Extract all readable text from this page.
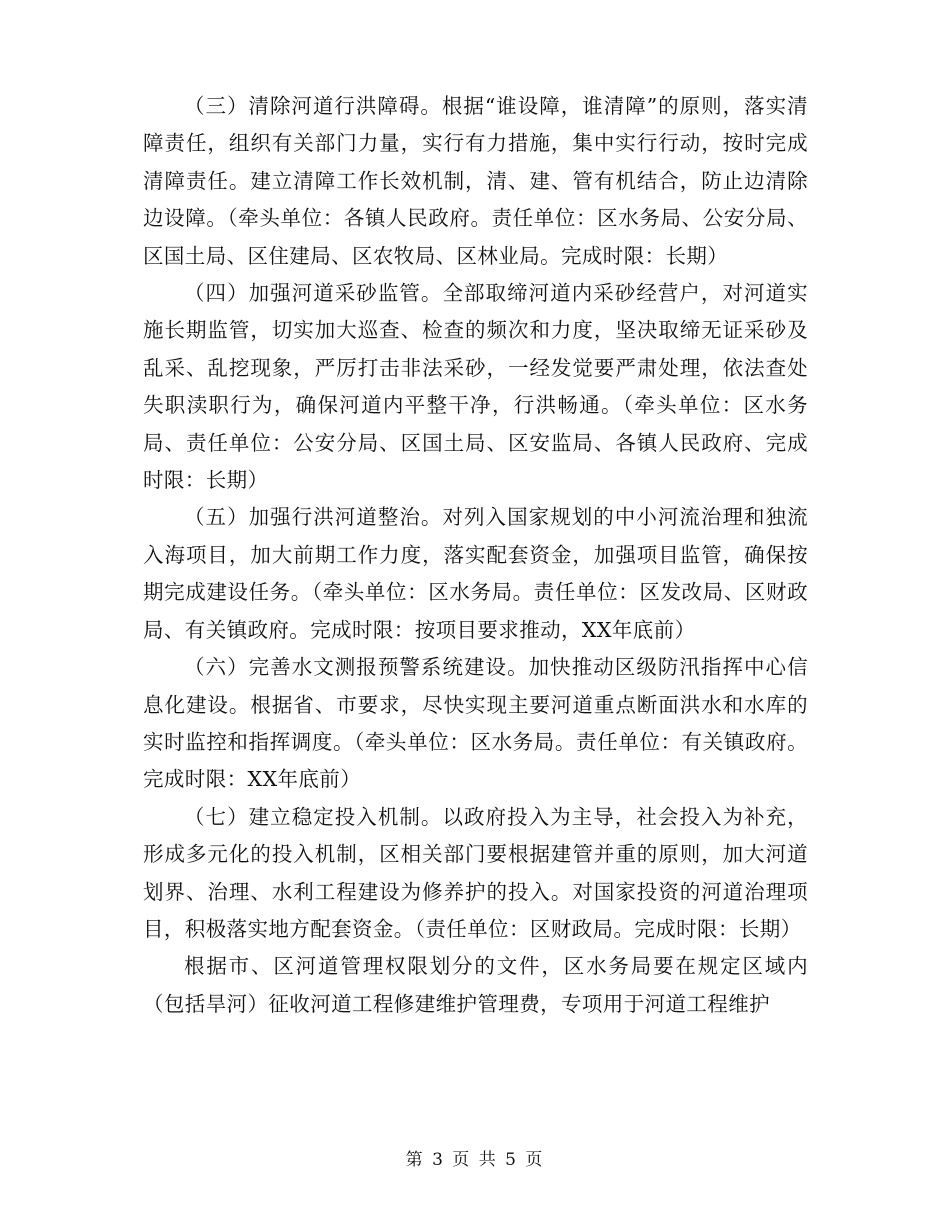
（三）清除河道行洪障碍。根据“谁设障，谁清障”的原则，落实清障责任，组织有关部门力量，实行有力措施，集中实行行动，按时完成清障责任。建立清障工作长效机制，清、建、管有机结合，防止边清除边设障。（牵头单位：各镇人民政府。责任单位：区水务局、公安分局、区国土局、区住建局、区农牧局、区林业局。完成时限：长期）

（四）加强河道采砂监管。全部取缔河道内采砂经营户，对河道实施长期监管，切实加大巡查、检查的频次和力度，坚决取缔无证采砂及乱采、乱挖现象，严厉打击非法采砂，一经发觉要严肃处理，依法查处失职渎职行为，确保河道内平整干净，行洪畅通。（牵头单位：区水务局、责任单位：公安分局、区国土局、区安监局、各镇人民政府、完成时限：长期）

（五）加强行洪河道整治。对列入国家规划的中小河流治理和独流入海项目，加大前期工作力度，落实配套资金，加强项目监管，确保按期完成建设任务。（牵头单位：区水务局。责任单位：区发改局、区财政局、有关镇政府。完成时限：按项目要求推动，XX年底前）

（六）完善水文测报预警系统建设。加快推动区级防汛指挥中心信息化建设。根据省、市要求，尽快实现主要河道重点断面洪水和水库的实时监控和指挥调度。（牵头单位：区水务局。责任单位：有关镇政府。完成时限：XX年底前）

（七）建立稳定投入机制。以政府投入为主导，社会投入为补充，形成多元化的投入机制，区相关部门要根据建管并重的原则，加大河道划界、治理、水利工程建设为修养护的投入。对国家投资的河道治理项目，积极落实地方配套资金。（责任单位：区财政局。完成时限：长期）

根据市、区河道管理权限划分的文件，区水务局要在规定区域内（包括旱河）征收河道工程修建维护管理费，专项用于河道工程维护

第 3 页 共 5 页
